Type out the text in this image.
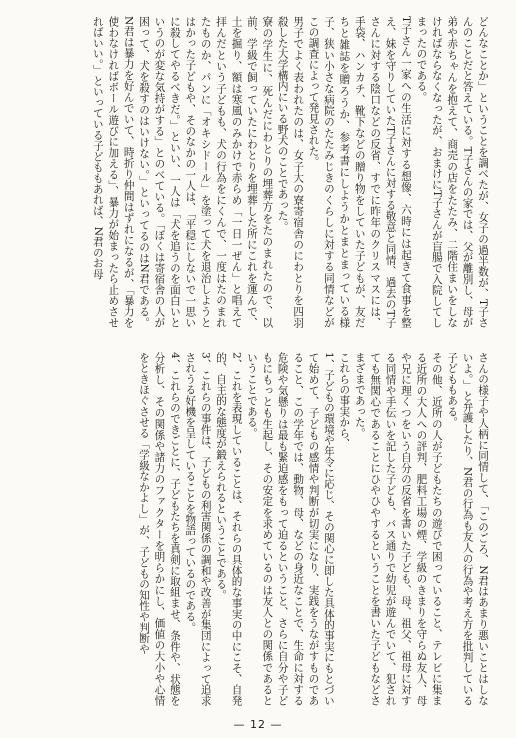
どんなことか」ということを調べたが、女子の過半数が、T子さんのことだと答えている。T子さんの家では、父が離別し、母が弟や赤ちゃんを抱えて、商売の店をたたみ、二階住まいをしなければならなくなったが、おまけにT子さんが盲腸で入院してしまったのである。

T子さん一家への生活に対する想像、六時には起きて食事を整え、妹を守りしていたT子さんに対する敬意と同情、過去のT子さんに対する陰口などの反省、すでに昨年のクリスマスには、手袋、ハンカチ、靴下などの贈り物をしていた子どもが、友だちと雑誌を贈ろうか、参考書にしようかとまとまっている様子、狭い小さな病院のたたみじきのくらしに対する同情などがこの調査によって発見された。

男子でよく表われたのは、女子大の寮寄宿舎のにわとりを四羽殺した大学構内にいる野犬のことであった。

寮の学生に、死んだにわとりの埋葬方をたのまれたので、以前、学級で飼っていたにわとりを埋葬した所にこれを運んで、土を掘り、額は寒風のみかけで赤らめ「一日一ぜん」と唱えて拝んだという子どもも、犬の行為をにくんで、一度はたのまれたものか、パンに「オキシドール」を塗って犬を退治しようとはかった子どもや、そのなかの一人は、「平穏にしないで一思いに殺してやるべきだ。」といい、一人は「犬を追うのを面白いというのが変な気持がする」とのべている。「ぼくは寄宿舎の人が困って、犬を殺すのはいけない。」といってるのはN君である。N君は暴力を好んでいて、時折り仲間はずれになるが、「暴力を使わなければボール遊びに加える」、暴力が始まったら止めさせればいい。」といっている子どももあれば、N君のお母

さんの様子や人柄に同情して、「このごろ、N君はあまり悪いことはしないよ。」と弁護したり、N君の行為も友人の行為や考え方を批判している子どももある。

その他、近所の人が子どもたちの遊びで困っていること、テレビに集まる近所の大人への評判、肥料工場の煙、学級のきまりを守らぬ友人、母や兄に理くつをいう自分の反省を書いた子ども、母、祖父、祖母に対する同情や手伝いを記した子ども、バス通りで幼児が遊んでいて、犯されても無関心であることにひやひやするということを書いた子どもなどさまざまであった。

これらの事実から、

1、子どもの環境や年令に応じ、その関心に即した具体的事実にもとづいて始めて、子どもの感情や判断が切実になり、実践をうながすものであること、この学年では、動物、母、などの身近なことで、生命に対する危険や気懸りは最も緊迫感をもって迫るということ、さらに自分や子どもにもっとも生起し、その安定を求めているのは友人との関係であるということである。

2、これを表現していることは、それらの具体的な事実の中にこそ、自発的、自主的な態度が鍛えられるということである。

3、これらの事件は、子どもの利害関係の調和や改善が集団によって追求されうる好機を呈していることを物語っているのである。

4、これらのできごとに、子どもたちを真剣に取組ませ、条件や、状態を分析し、その関係や諸力のファクターを明らかにし、価値の大小や心情をときほぐさせる「学級なかよし」が、子どもの知性や判断や

— 12 —
